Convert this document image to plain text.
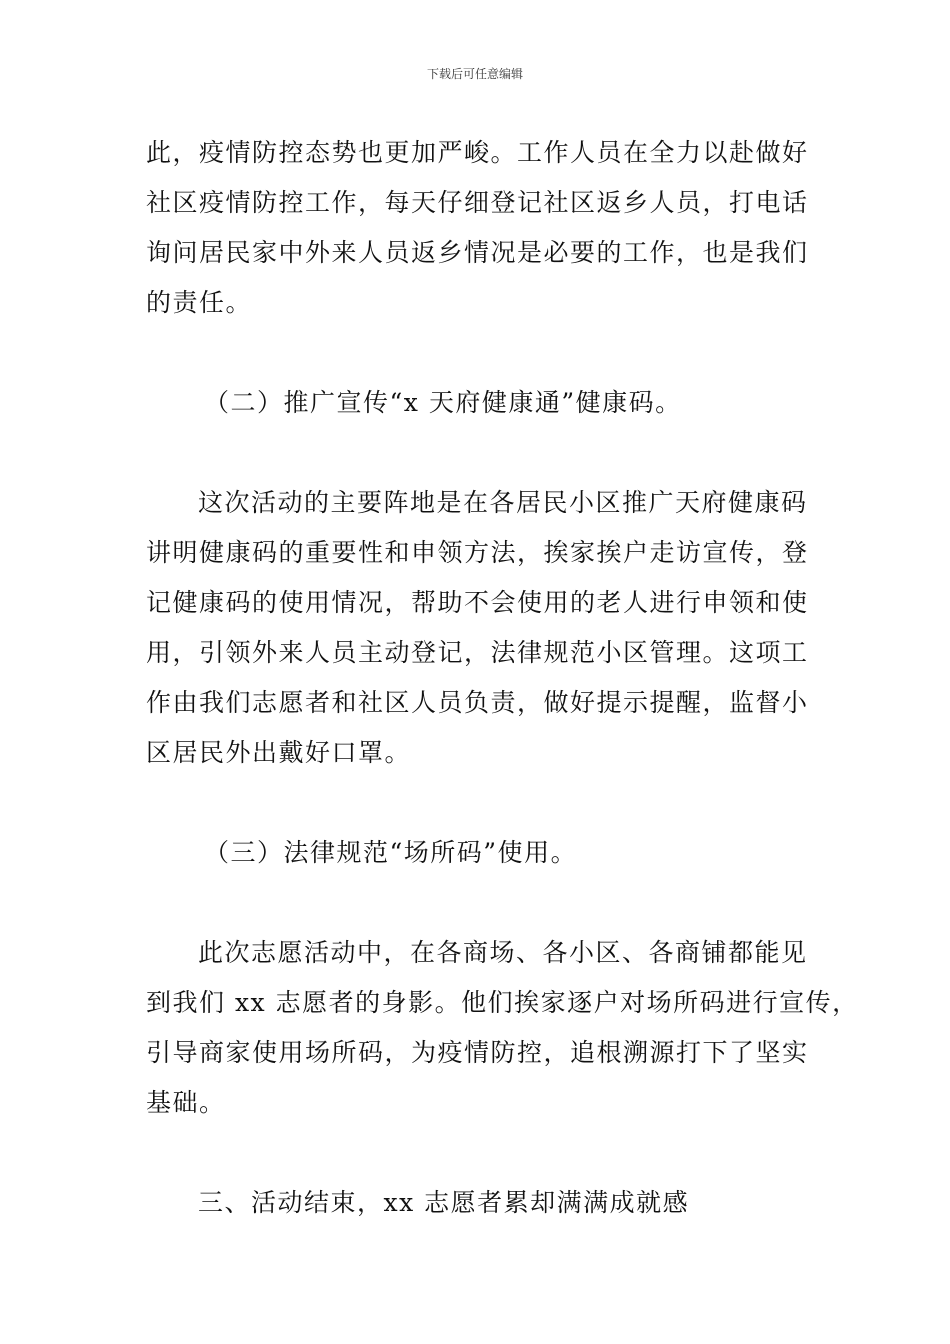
下载后可任意编辑
此，疫情防控态势也更加严峻。工作人员在全力以赴做好
社区疫情防控工作，每天仔细登记社区返乡人员，打电话
询问居民家中外来人员返乡情况是必要的工作，也是我们
的责任。
（二）推广宣传“x 天府健康通”健康码。
这次活动的主要阵地是在各居民小区推广天府健康码
讲明健康码的重要性和申领方法，挨家挨户走访宣传，登
记健康码的使用情况，帮助不会使用的老人进行申领和使
用，引领外来人员主动登记，法律规范小区管理。这项工
作由我们志愿者和社区人员负责，做好提示提醒，监督小
区居民外出戴好口罩。
（三）法律规范“场所码”使用。
此次志愿活动中，在各商场、各小区、各商铺都能见
到我们 xx 志愿者的身影。他们挨家逐户对场所码进行宣传，
引导商家使用场所码，为疫情防控，追根溯源打下了坚实
基础。
三、活动结束，xx 志愿者累却满满成就感
